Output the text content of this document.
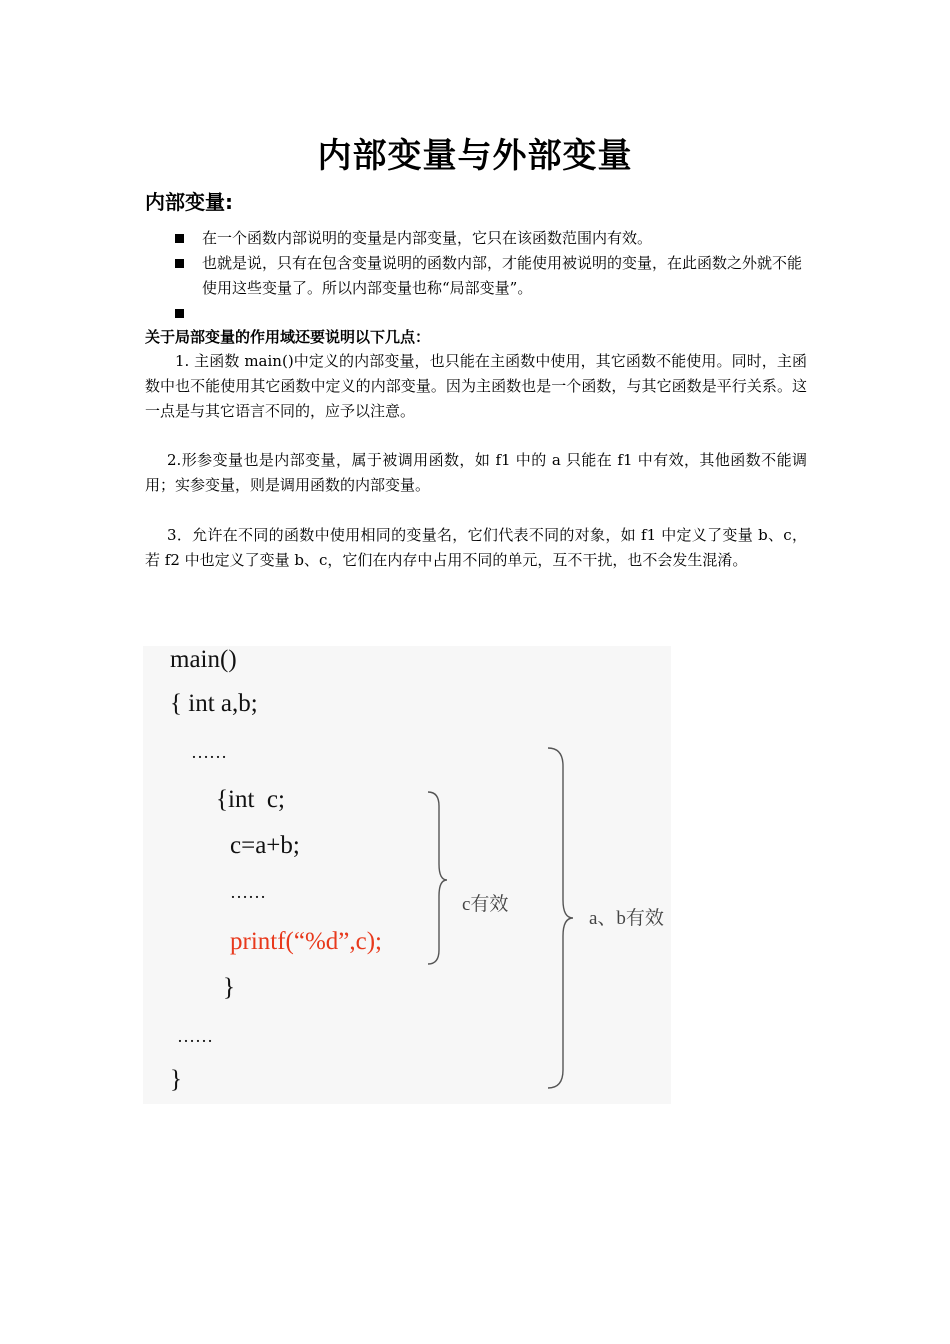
内部变量与外部变量
内部变量:
在一个函数内部说明的变量是内部变量，它只在该函数范围内有效。
也就是说，只有在包含变量说明的函数内部，才能使用被说明的变量，在此函数之外就不能使用这些变量了。所以内部变量也称“局部变量”。
关于局部变量的作用域还要说明以下几点：
1. 主函数 main()中定义的内部变量，也只能在主函数中使用，其它函数不能使用。同时，主函数中也不能使用其它函数中定义的内部变量。因为主函数也是一个函数，与其它函数是平行关系。这一点是与其它语言不同的，应予以注意。
2.形参变量也是内部变量，属于被调用函数，如 f1 中的 a 只能在 f1 中有效，其他函数不能调用；实参变量，则是调用函数的内部变量。
3．允许在不同的函数中使用相同的变量名，它们代表不同的对象，如 f1 中定义了变量 b、c，若 f2 中也定义了变量 b、c，它们在内存中占用不同的单元，互不干扰，也不会发生混淆。
main()
{ int a,b;
……
{int  c;
c=a+b;
……
printf(“%d”,c);
}
……
}
c有效
a、b有效
